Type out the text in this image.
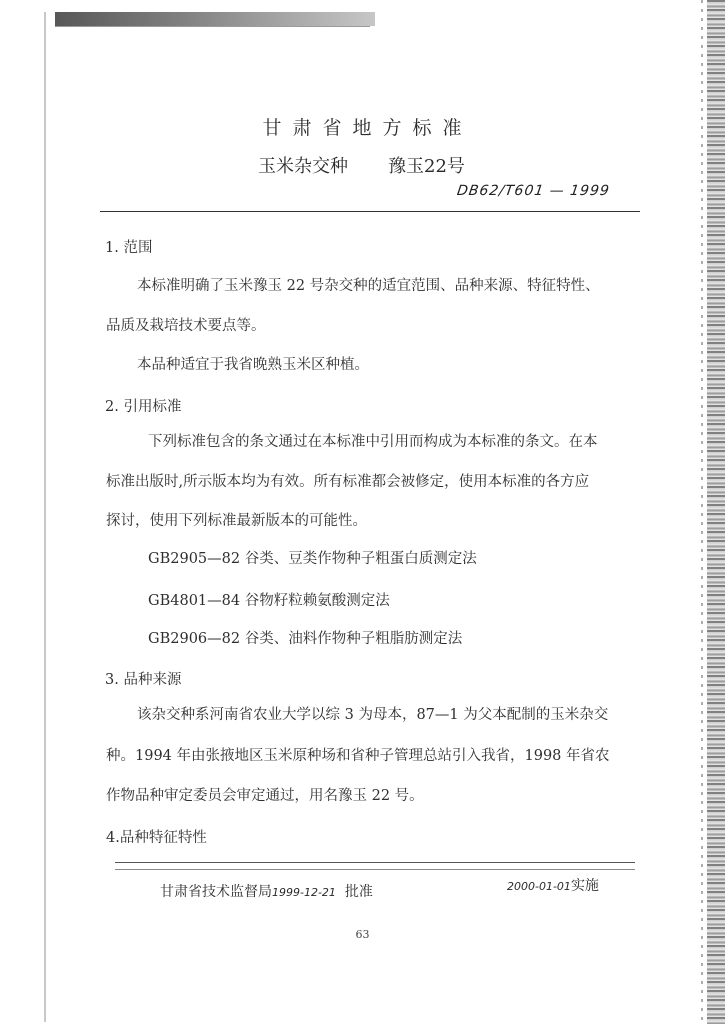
甘肃省地方标准
玉米杂交种 豫玉22号
DB62/T601 — 1999
1. 范围
本标准明确了玉米豫玉 22 号杂交种的适宜范围、品种来源、特征特性、
品质及栽培技术要点等。
本品种适宜于我省晚熟玉米区种植。
2. 引用标准
下列标准包含的条文通过在本标准中引用而构成为本标准的条文。在本
标准出版时,所示版本均为有效。所有标准都会被修定，使用本标准的各方应
探讨，使用下列标准最新版本的可能性。
GB2905—82 谷类、豆类作物种子粗蛋白质测定法
GB4801—84 谷物籽粒赖氨酸测定法
GB2906—82 谷类、油料作物种子粗脂肪测定法
3. 品种来源
该杂交种系河南省农业大学以综 3 为母本，87—1 为父本配制的玉米杂交
种。1994 年由张掖地区玉米原种场和省种子管理总站引入我省，1998 年省农
作物品种审定委员会审定通过，用名豫玉 22 号。
4.品种特征特性
甘肃省技术监督局1999-12-21 批准	2000-01-01实施
63
